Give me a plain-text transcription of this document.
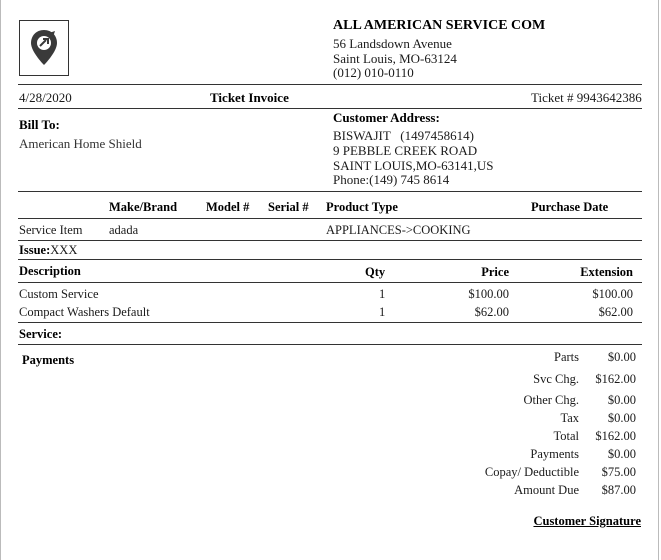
ALL AMERICAN SERVICE COM
56 Landsdown Avenue
Saint Louis, MO-63124
(012) 010-0110
4/28/2020	Ticket Invoice	Ticket # 9943642386
Bill To:
American Home Shield
Customer Address:
BISWAJIT   (1497458614)
9 PEBBLE CREEK ROAD
SAINT LOUIS,MO-63141,US
Phone:(149) 745 8614
Make/Brand Model # Serial # Product Type	Purchase Date
Service Item adada	APPLIANCES->COOKING
Issue:XXX
Description	Qty	Price	Extension
Custom Service	1	$100.00	$100.00
Compact Washers Default	1	$62.00	$62.00
Service:
Payments	Parts $0.00
Svc Chg. $162.00
Other Chg. $0.00
Tax $0.00
Total $162.00
Payments $0.00
Copay/ Deductible $75.00
Amount Due $87.00
Customer Signature
